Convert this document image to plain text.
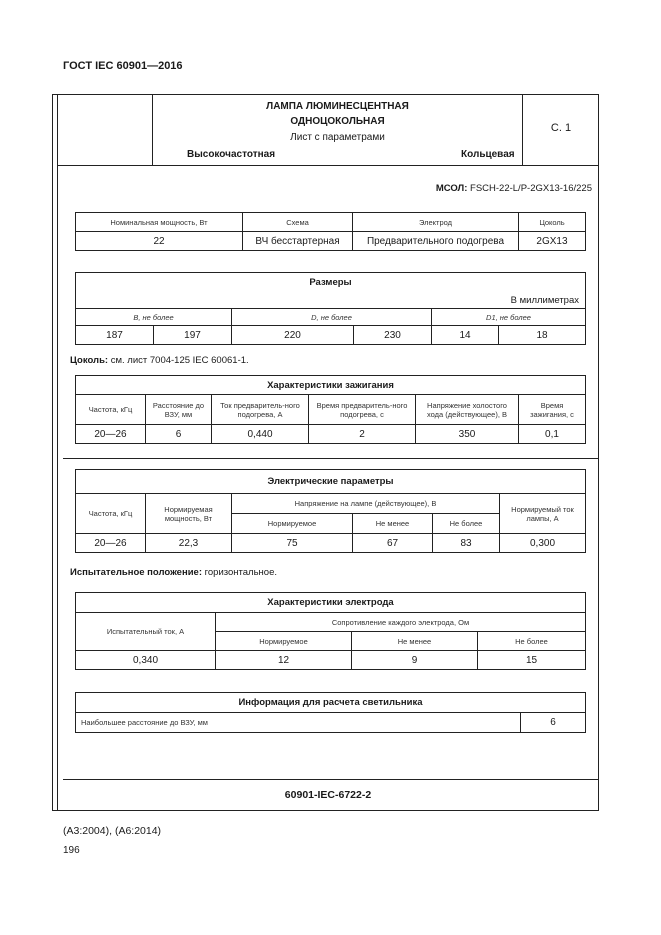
ГОСТ IEC 60901—2016
ЛАМПА ЛЮМИНЕСЦЕНТНАЯ
ОДНОЦОКОЛЬНАЯ
Лист с параметрами
Высокочастотная	Кольцевая
С. 1
МСОЛ: FSCH-22-L/P-2GX13-16/225
Номинальная мощность, Вт	Схема	Электрод	Цоколь
22	ВЧ бесстартерная	Предварительного подогрева	2GX13
Размеры					
В миллиметрах					
B, не более		D, не более		D1, не более	
187	197	220	230	14	18
Цоколь: см. лист 7004-125 IEC 60061-1.
Характеристики зажигания					
Частота, кГц	Расстояние до ВЗУ, мм	Ток предваритель-ного подогрева, А	Время предваритель-ного подогрева, с	Напряжение холостого хода (действующее), В	Время зажигания, с
20—26	6	0,440	2	350	0,1
Электрические параметры					
Частота, кГц	Нормируемая мощность, Вт	Напряжение на лампе (действующее), В			Нормируемый ток лампы, А
		Нормируемое	Не менее	Не более	
20—26	22,3	75	67	83	0,300
Испытательное положение: горизонтальное.
Характеристики электрода			
Испытательный ток, А	Сопротивление каждого электрода, Ом		
	Нормируемое	Не менее	Не более
0,340	12	9	15
Информация для расчета светильника
Наибольшее расстояние до ВЗУ, мм	6
60901-IEC-6722-2
(А3:2004), (А6:2014)
196
